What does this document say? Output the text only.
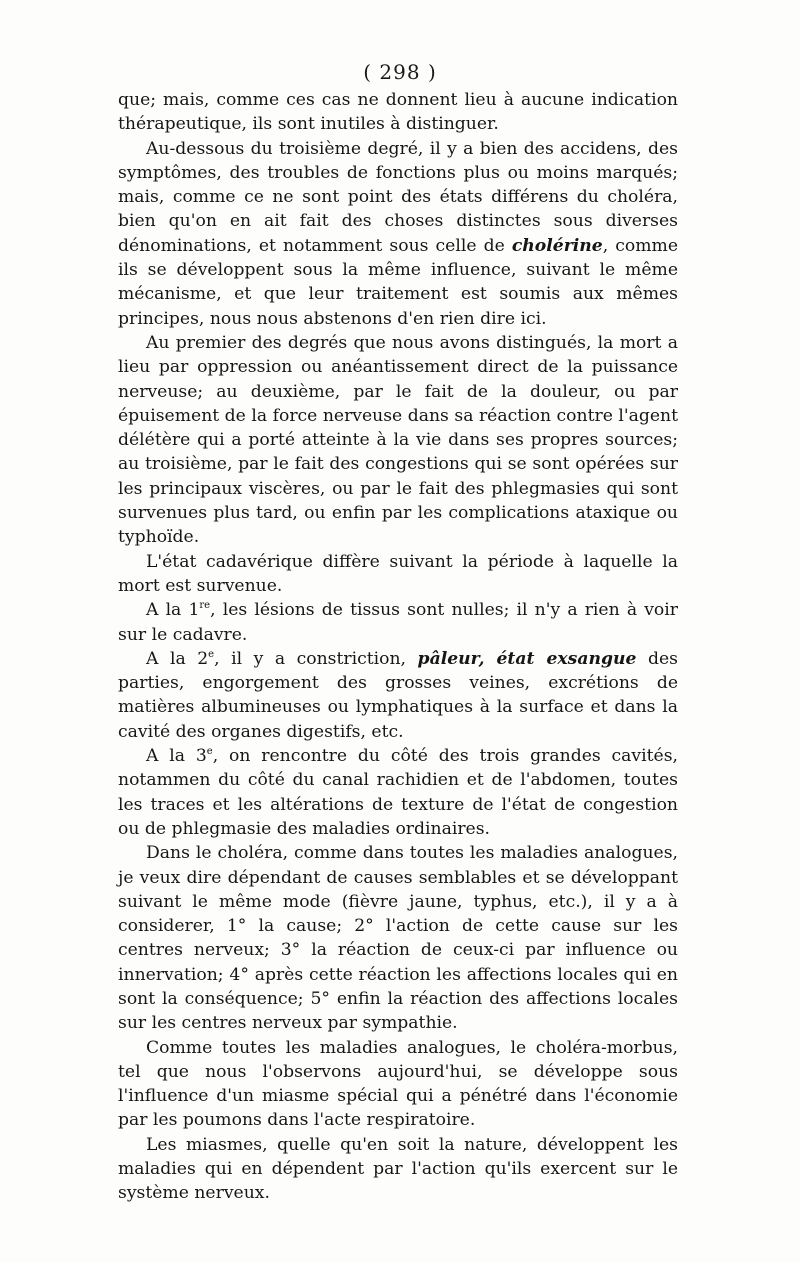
( 298 )

que; mais, comme ces cas ne donnent lieu à aucune indication thérapeutique, ils sont inutiles à distinguer.

Au-dessous du troisième degré, il y a bien des accidens, des symptômes, des troubles de fonctions plus ou moins marqués; mais, comme ce ne sont point des états différens du choléra, bien qu'on en ait fait des choses distinctes sous diverses dénominations, et notamment sous celle de cholérine, comme ils se développent sous la même influence, suivant le même mécanisme, et que leur traitement est soumis aux mêmes principes, nous nous abstenons d'en rien dire ici.

Au premier des degrés que nous avons distingués, la mort a lieu par oppression ou anéantissement direct de la puissance nerveuse; au deuxième, par le fait de la douleur, ou par épuisement de la force nerveuse dans sa réaction contre l'agent délétère qui a porté atteinte à la vie dans ses propres sources; au troisième, par le fait des congestions qui se sont opérées sur les principaux viscères, ou par le fait des phlegmasies qui sont survenues plus tard, ou enfin par les complications ataxique ou typhoïde.

L'état cadavérique diffère suivant la période à laquelle la mort est survenue.

A la 1re, les lésions de tissus sont nulles; il n'y a rien à voir sur le cadavre.

A la 2e, il y a constriction, pâleur, état exsangue des parties, engorgement des grosses veines, excrétions de matières albumineuses ou lymphatiques à la surface et dans la cavité des organes digestifs, etc.

A la 3e, on rencontre du côté des trois grandes cavités, notammen du côté du canal rachidien et de l'abdomen, toutes les traces et les altérations de texture de l'état de congestion ou de phlegmasie des maladies ordinaires.

Dans le choléra, comme dans toutes les maladies analogues, je veux dire dépendant de causes semblables et se développant suivant le même mode (fièvre jaune, typhus, etc.), il y a à considerer, 1° la cause; 2° l'action de cette cause sur les centres nerveux; 3° la réaction de ceux-ci par influence ou innervation; 4° après cette réaction les affections locales qui en sont la conséquence; 5° enfin la réaction des affections locales sur les centres nerveux par sympathie.

Comme toutes les maladies analogues, le choléra-morbus, tel que nous l'observons aujourd'hui, se développe sous l'influence d'un miasme spécial qui a pénétré dans l'économie par les poumons dans l'acte respiratoire.

Les miasmes, quelle qu'en soit la nature, développent les maladies qui en dépendent par l'action qu'ils exercent sur le système nerveux.
